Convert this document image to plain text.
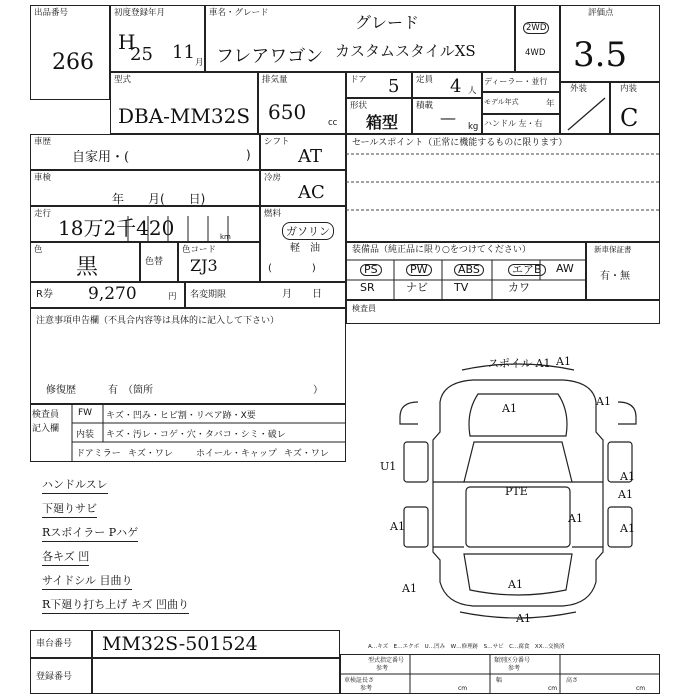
出品番号
266
初度登録年月
H
25 11 月
車名・グレード
フレアワゴン
グレード
カスタムスタイルXS
2WD
4WD
評価点
3.5
外装	内装
C
型式
DBA-MM32S
排気量
650	cc
ドア 5 定員 4 人
形状
箱型
積載
— kg
ディーラー・並行
モデル年式	年
ハンドル 左・右
車歴
自家用・(	)
シフト
AT
車検
年　　月(　　日)
冷房
AC
走行
18万2千420	km
燃料
ガソリン
軽　油
(　　　　)
色
黒	色替
色コード
ZJ3
R券 9,270	円 名変期限	月　　日
セールスポイント（正常に機能するものに限ります）
装備品（純正品に限り○をつけてください）
PS	PW	ABS	エアB	AW
SR	ナビ TV	カワ
新車保証書
有・無
検査員
注意事項申告欄（不具合内容等は具体的に記入して下さい）
修復歴	有　（箇所　　　　　　　　　　　　　　　　）
検査員
記入欄
FW キズ・凹み・ヒビ割・リペア跡・X要
内装 キズ・汚レ・コゲ・穴・タバコ・シミ・破レ
ドアミラー キズ・ワレ	ホイール・キャップ キズ・ワレ
ハンドルスレ
下廻りサビ
Rスポイラー Pハゲ
各キズ 凹
サイドシル 目曲り
R下廻り打ち上げ キズ 凹曲り
スポイル A1 A1
A1
U1
A1
PTE	A1
A1	A1
A1	A1
A1
A1
A1
車台番号 MM32S-501524
登録番号
A…キズ　E…エクボ　U…凹み　W…修理跡　S…サビ　C…腐食　XX…交換済
型式指定番号
参考
類別区分番号
参考
車検証長さ
参考	cm
幅
cm
高さ
cm
